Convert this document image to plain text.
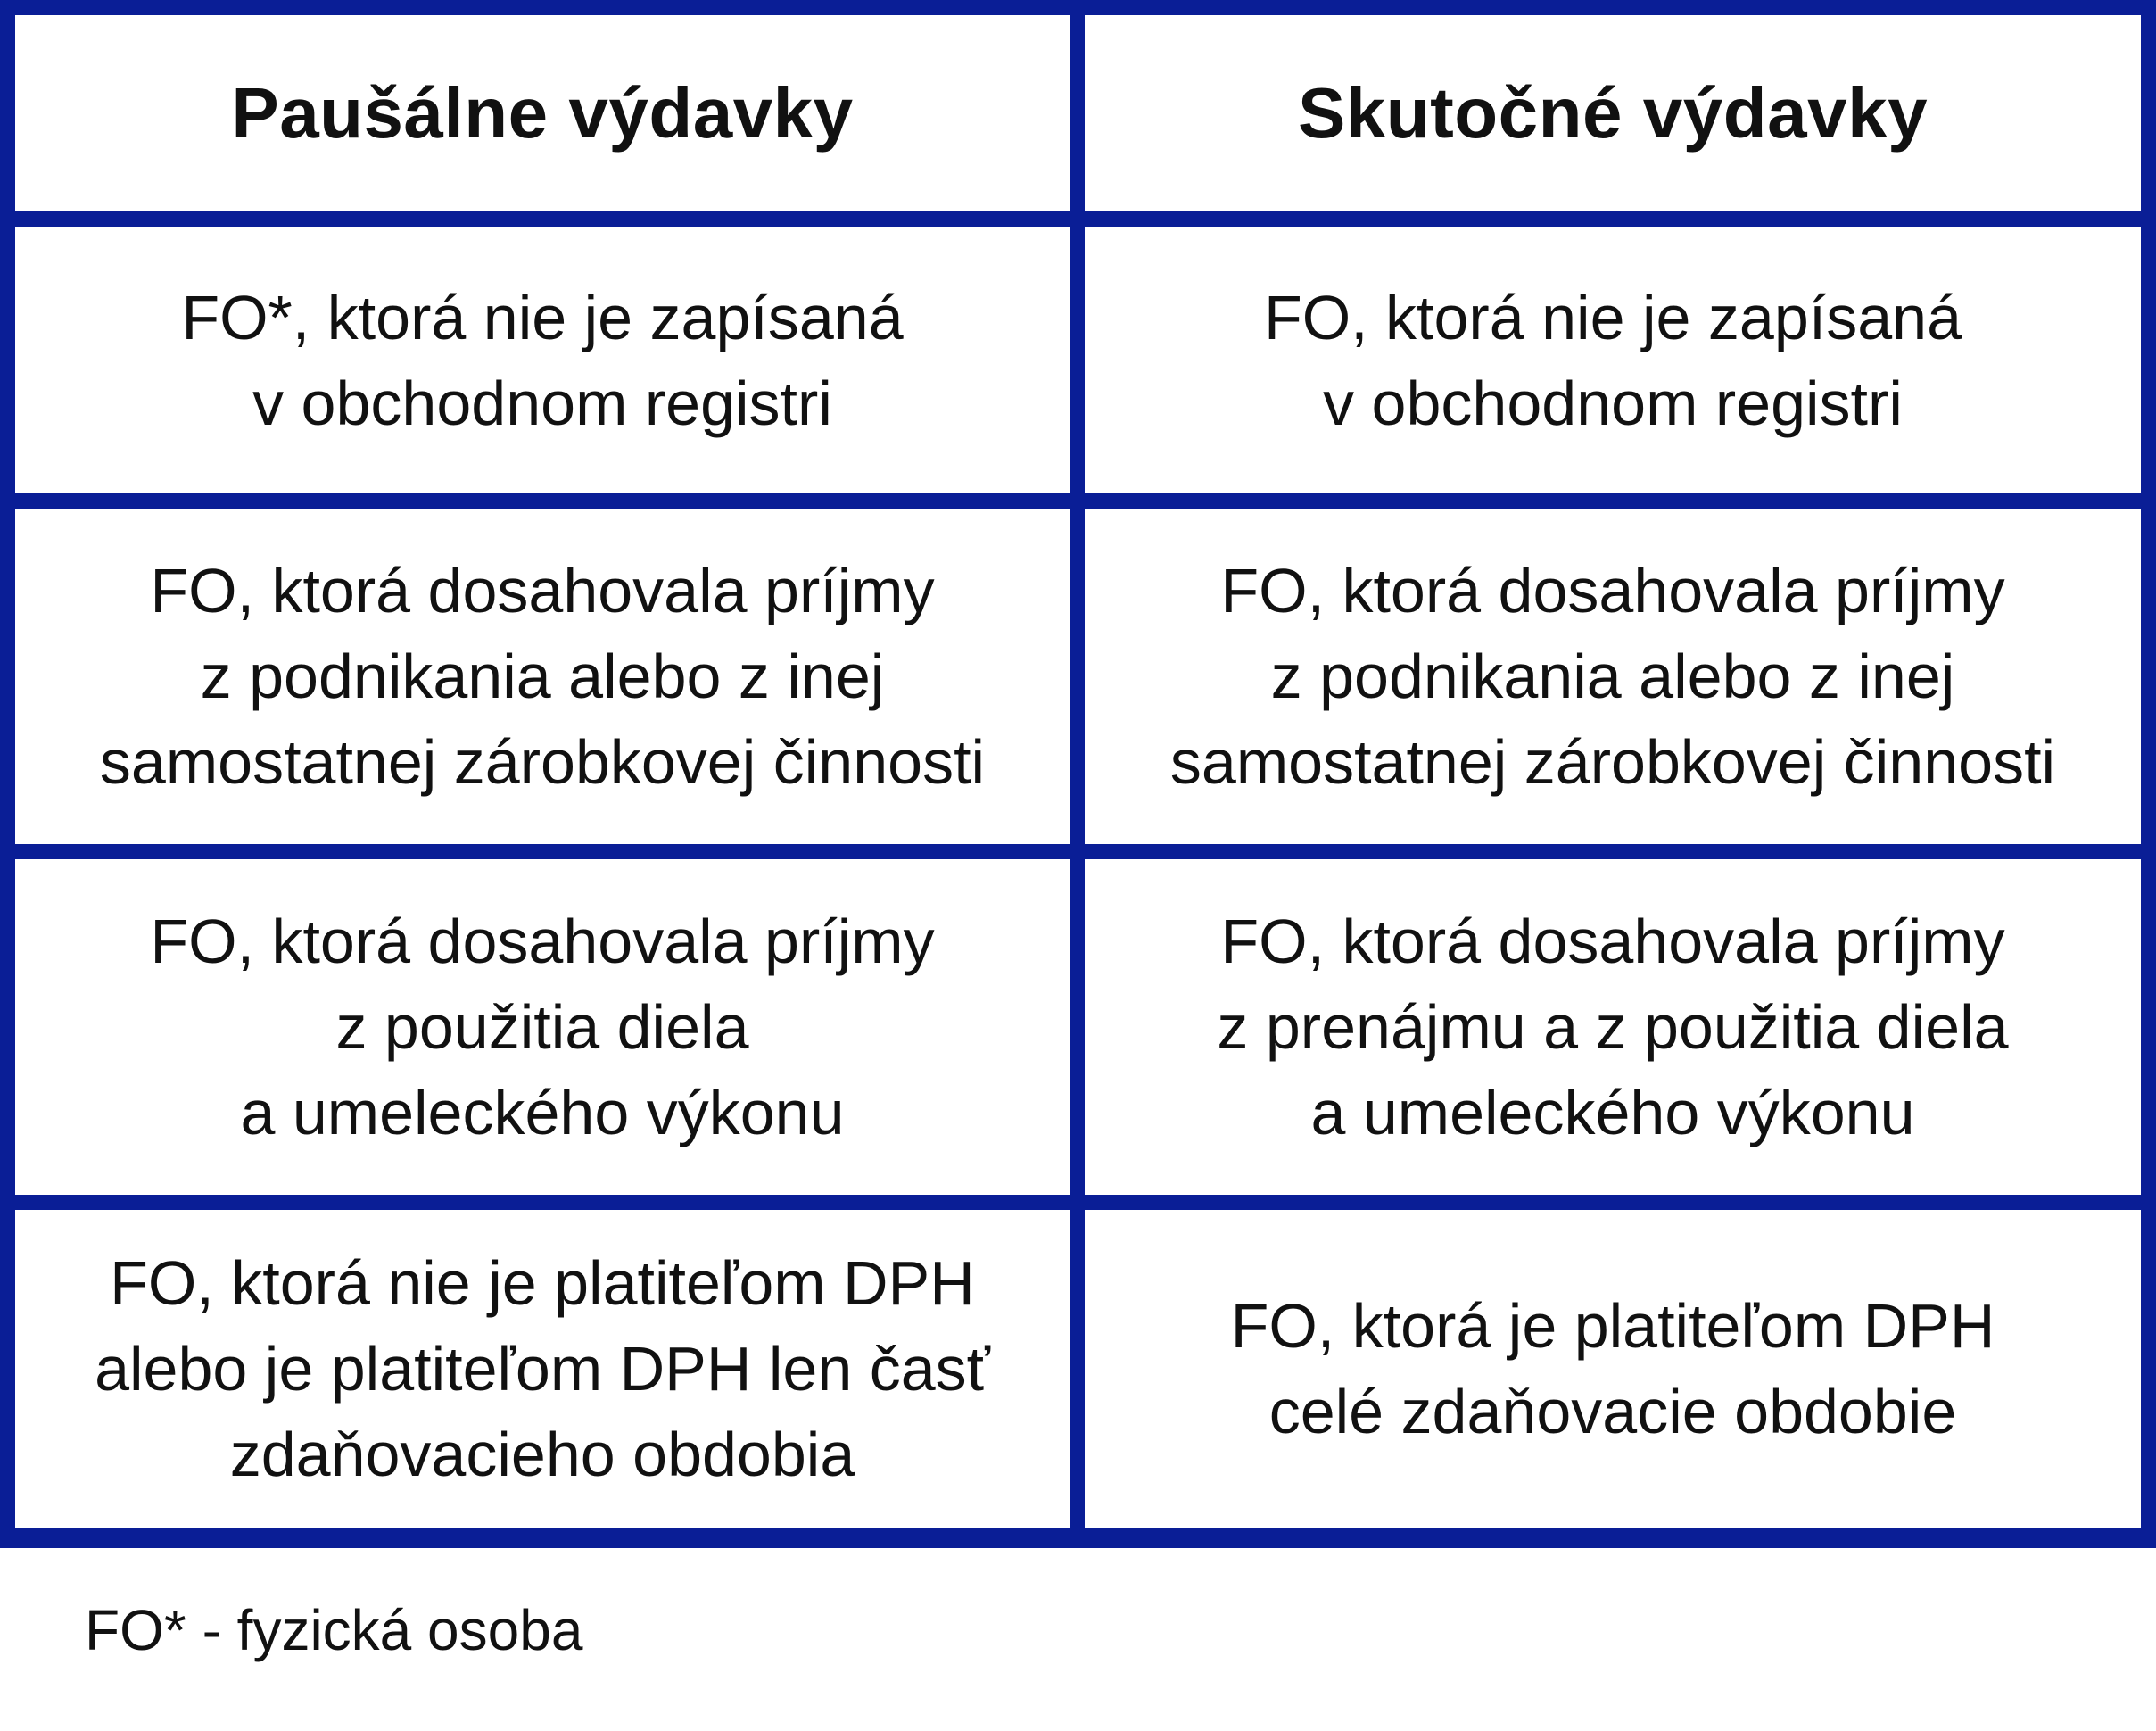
Paušálne výdavky	Skutočné výdavky
FO*, ktorá nie je zapísaná
v obchodnom registri
FO, ktorá nie je zapísaná
v obchodnom registri
FO, ktorá dosahovala príjmy
z podnikania alebo z inej
samostatnej zárobkovej činnosti
FO, ktorá dosahovala príjmy
z podnikania alebo z inej
samostatnej zárobkovej činnosti
FO, ktorá dosahovala príjmy
z použitia diela
a umeleckého výkonu
FO, ktorá dosahovala príjmy
z prenájmu a z použitia diela
a umeleckého výkonu
FO, ktorá nie je platiteľom DPH
alebo je platiteľom DPH len časť
zdaňovacieho obdobia
FO, ktorá je platiteľom DPH
celé zdaňovacie obdobie
FO* - fyzická osoba
